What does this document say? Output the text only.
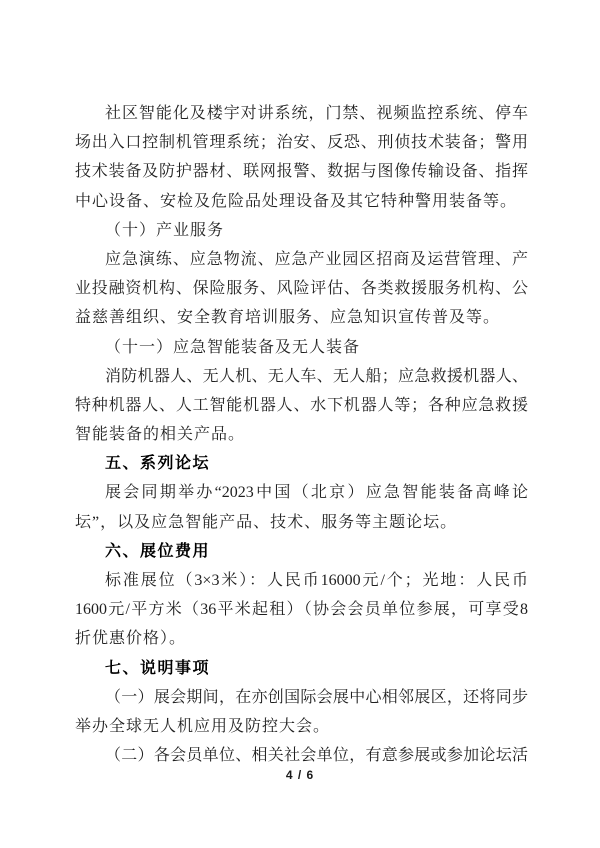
社区智能化及楼宇对讲系统，门禁、视频监控系统、停车
场出入口控制机管理系统；治安、反恐、刑侦技术装备；警用
技术装备及防护器材、联网报警、数据与图像传输设备、指挥
中心设备、安检及危险品处理设备及其它特种警用装备等。
（十）产业服务
应急演练、应急物流、应急产业园区招商及运营管理、产
业投融资机构、保险服务、风险评估、各类救援服务机构、公
益慈善组织、安全教育培训服务、应急知识宣传普及等。
（十一）应急智能装备及无人装备
消防机器人、无人机、无人车、无人船；应急救援机器人、
特种机器人、人工智能机器人、水下机器人等；各种应急救援
智能装备的相关产品。
五、系列论坛
展会同期举办“2023中国（北京）应急智能装备高峰论
坛”，以及应急智能产品、技术、服务等主题论坛。
六、展位费用
标准展位（3×3米）：人民币16000元/个；光地：人民币
1600元/平方米（36平米起租）（协会会员单位参展，可享受8
折优惠价格）。
七、说明事项
（一）展会期间，在亦创国际会展中心相邻展区，还将同步
举办全球无人机应用及防控大会。
（二）各会员单位、相关社会单位，有意参展或参加论坛活
4 / 6
